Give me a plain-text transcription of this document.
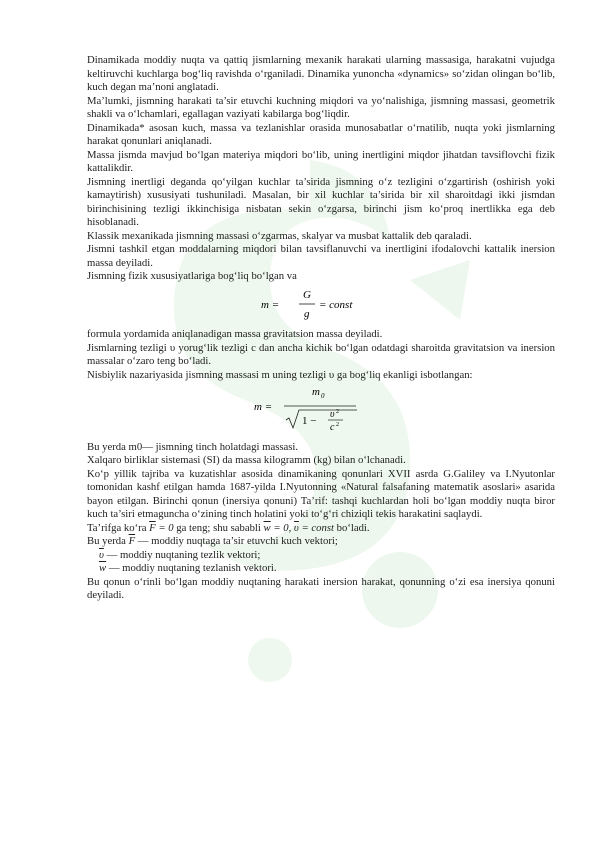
Dinamikada moddiy nuqta va qattiq jismlarning mexanik harakati ularning massasiga, harakatni vujudga keltiruvchi kuchlarga bog‘liq ravishda o‘rganiladi. Dinamika yunoncha «dynamics» so‘zidan olingan bo‘lib, kuch degan ma’noni anglatadi.

Ma’lumki, jismning harakati ta’sir etuvchi kuchning miqdori va yo‘nalishiga, jismning massasi, geometrik shakli va o‘lchamlari, egallagan vaziyati kabilarga bog‘liqdir.

Dinamikada* asosan kuch, massa va tezlanishlar orasida munosabatlar o‘rnatilib, nuqta yoki jismlarning harakat qonunlari aniqlanadi.

Massa jismda mavjud bo‘lgan materiya miqdori bo‘lib, uning inertligini miqdor jihatdan tavsiflovchi fizik kattalikdir.

Jismning inertligi deganda qo‘yilgan kuchlar ta’sirida jismning o‘z tezligini o‘zgartirish (oshirish yoki kamaytirish) xususiyati tushuniladi. Masalan, bir xil kuchlar ta’sirida bir xil sharoitdagi ikki jismdan birinchisining tezligi ikkinchisiga nisbatan sekin o‘zgarsa, birinchi jism ko‘proq inertlikka ega deb hisoblanadi.

Klassik mexanikada jismning massasi o‘zgarmas, skalyar va musbat kattalik deb qaraladi.

Jismni tashkil etgan moddalarning miqdori bilan tavsiflanuvchi va inertligini ifodalovchi kattalik inersion massa deyiladi.

Jismning fizik xususiyatlariga bog‘liq bo‘lgan va

m =
G
g
= const

formula yordamida aniqlanadigan massa gravitatsion massa deyiladi.

Jismlarning tezligi υ yorug‘lik tezligi c dan ancha kichik bo‘lgan odatdagi sharoitda gravitatsion va inersion massalar o‘zaro teng bo‘ladi.

Nisbiylik nazariyasida jismning massasi m uning tezligi υ ga bog‘liq ekanligi isbotlangan:

m =
m 0
1 −
υ 2
c 2

Bu yerda m0— jismning tinch holatdagi massasi.

Xalqaro birliklar sistemasi (SI) da massa kilogramm (kg) bilan o‘lchanadi.

Ko‘p yillik tajriba va kuzatishlar asosida dinamikaning qonunlari XVII asrda G.Galiley va I.Nyutonlar tomonidan kashf etilgan hamda 1687-yilda I.Nyutonning «Natural falsafaning matematik asoslari» asarida bayon etilgan. Birinchi qonun (inersiya qonuni) Ta’rif: tashqi kuchlardan holi bo‘lgan moddiy nuqta biror kuch ta’siri etmaguncha o‘zining tinch holatini yoki to‘g‘ri chiziqli tekis harakatini saqlaydi.

Ta’rifga ko‘ra $\overline{F} = 0$ ga teng; shu sababli $\overline{w} = 0$, $\overline{\upsilon}$ = const bo‘ladi.

Bu yerda $\overline{F}$ — moddiy nuqtaga ta’sir etuvchi kuch vektori;

$\overline{\upsilon}$ — moddiy nuqtaning tezlik vektori;

$\overline{w}$ — moddiy nuqtaning tezlanish vektori.

Bu qonun o‘rinli bo‘lgan moddiy nuqtaning harakati inersion harakat, qonunning o‘zi esa inersiya qonuni deyiladi.
